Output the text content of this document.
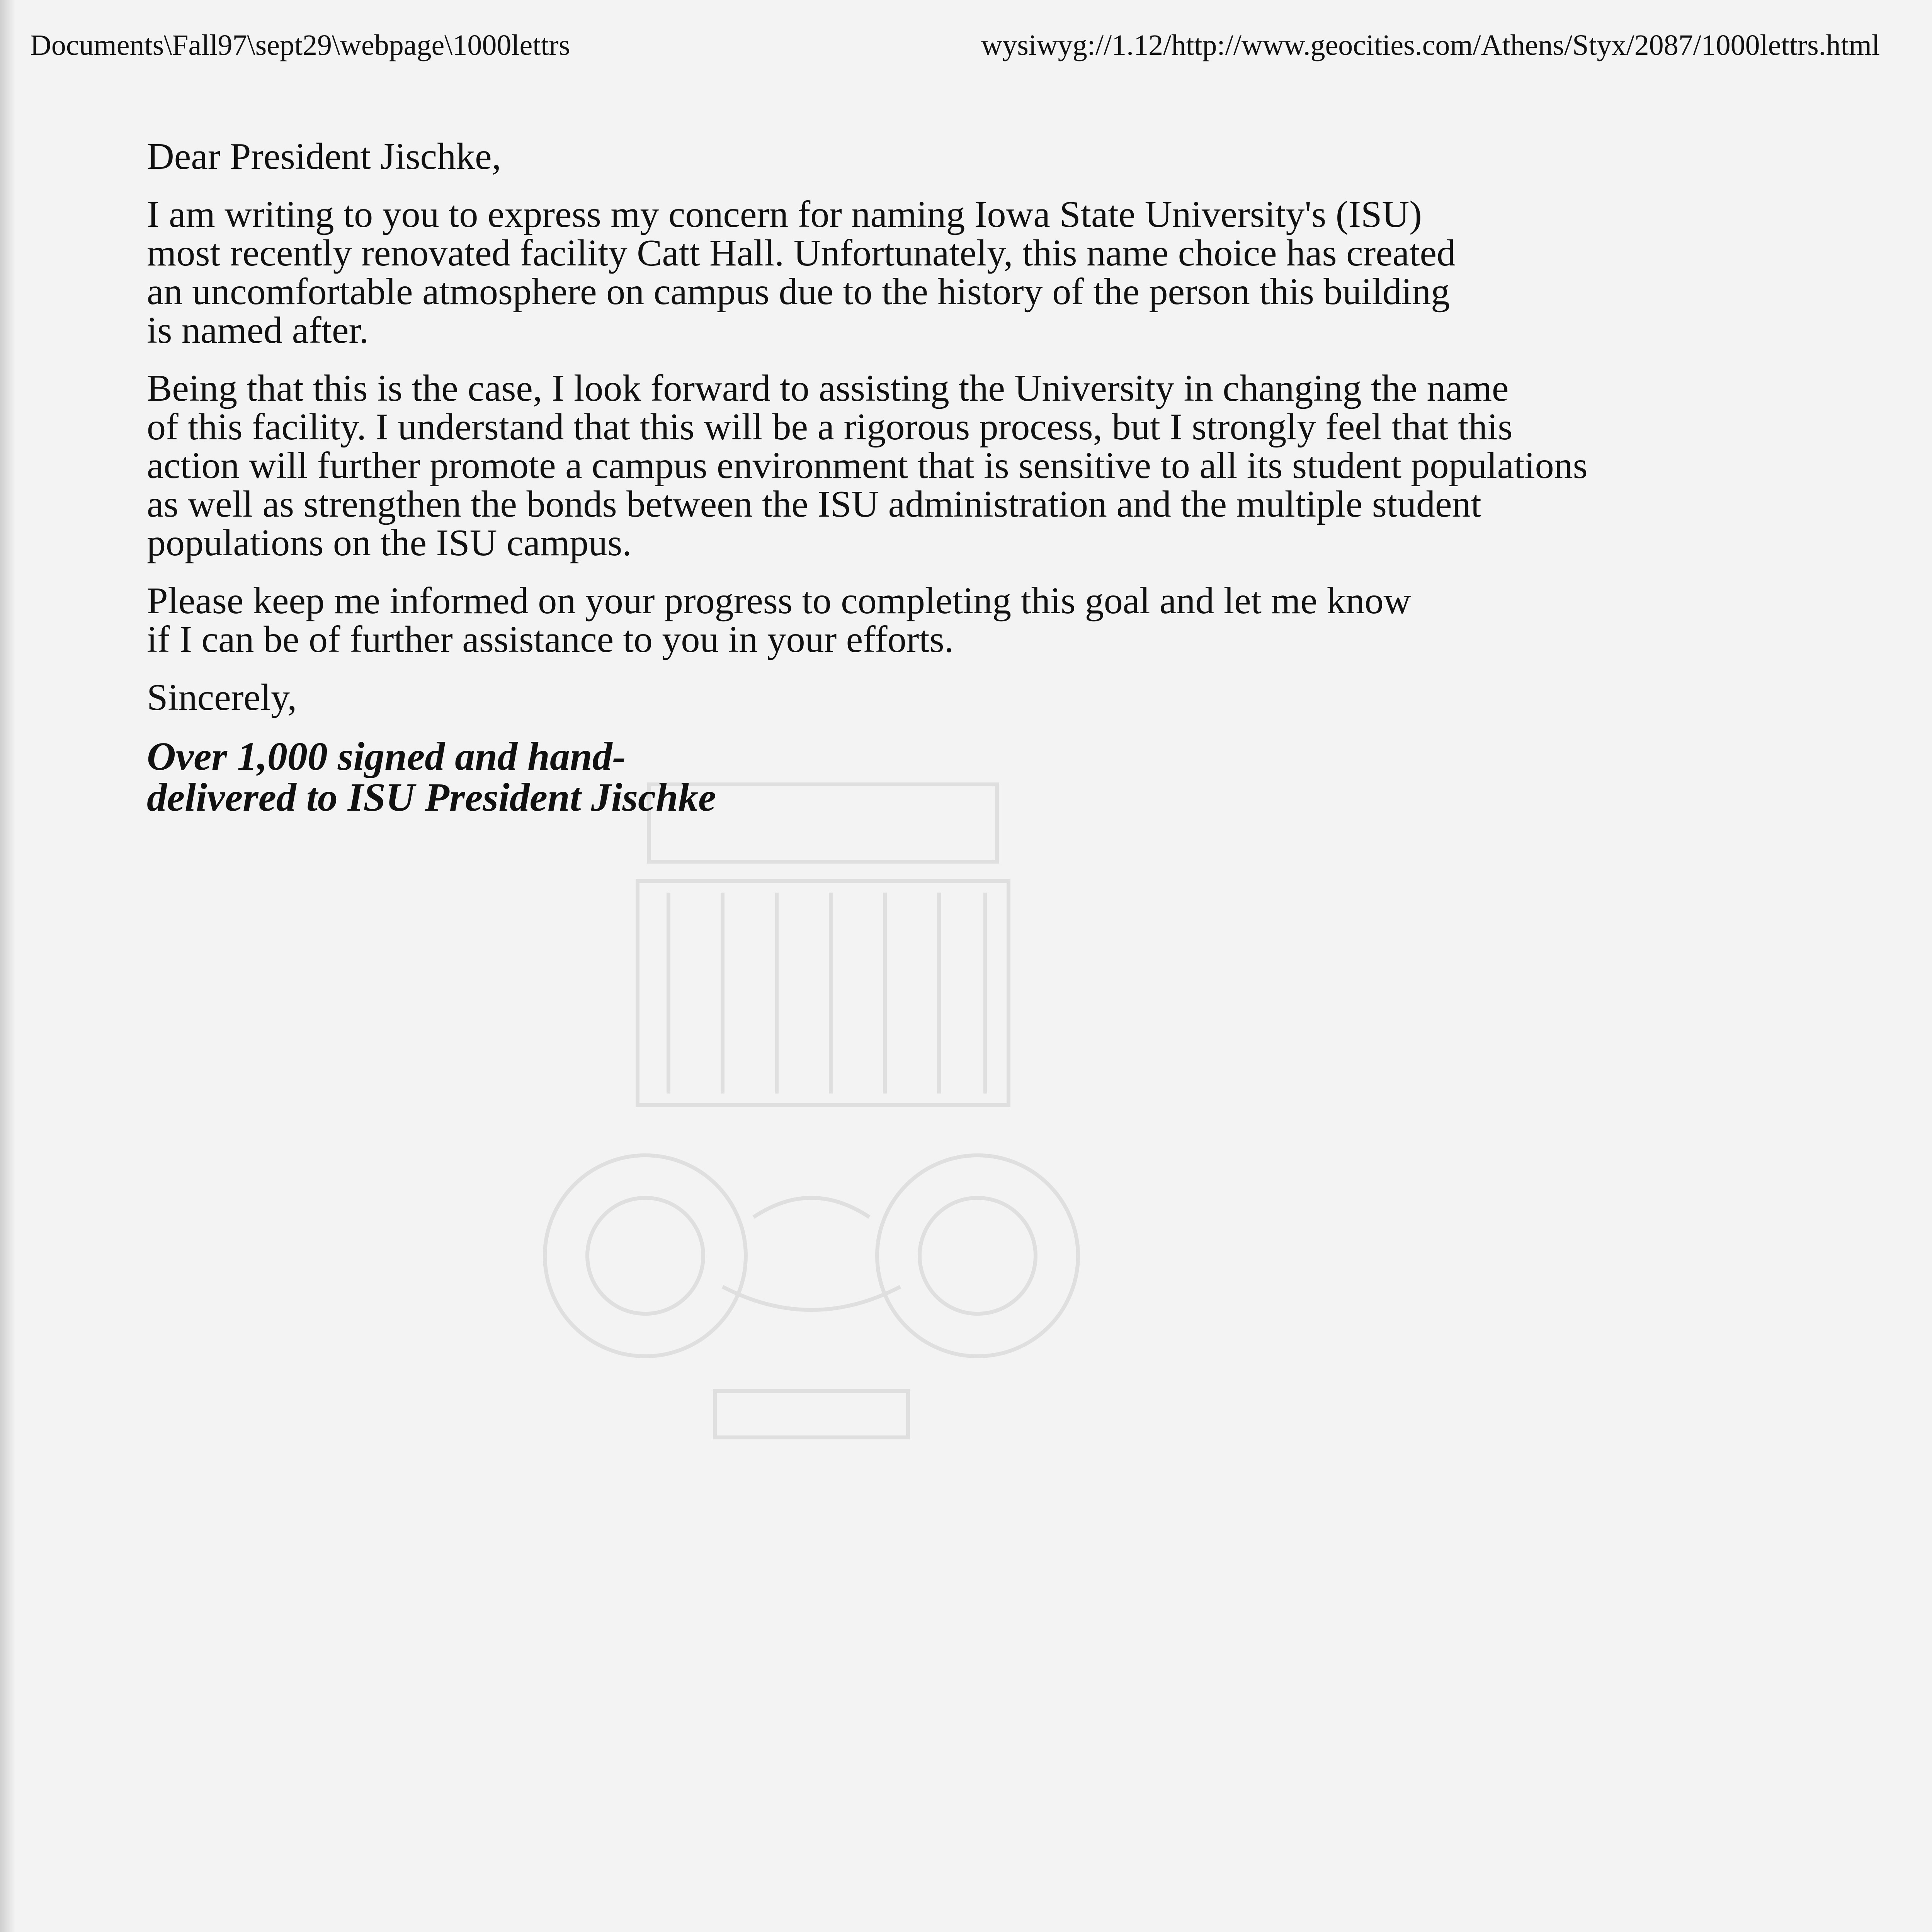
Documents\Fall97\sept29\webpage\1000lettrs	wysiwyg://1.12/http://www.geocities.com/Athens/Styx/2087/1000lettrs.html

Dear President Jischke,

I am writing to you to express my concern for naming Iowa State University's (ISU)
most recently renovated facility Catt Hall. Unfortunately, this name choice has created
an uncomfortable atmosphere on campus due to the history of the person this building
is named after.

Being that this is the case, I look forward to assisting the University in changing the name
of this facility. I understand that this will be a rigorous process, but I strongly feel that this
action will further promote a campus environment that is sensitive to all its student populations
as well as strengthen the bonds between the ISU administration and the multiple student
populations on the ISU campus.

Please keep me informed on your progress to completing this goal and let me know
if I can be of further assistance to you in your efforts.

Sincerely,

Over 1,000 signed and hand-
delivered to ISU President Jischke
